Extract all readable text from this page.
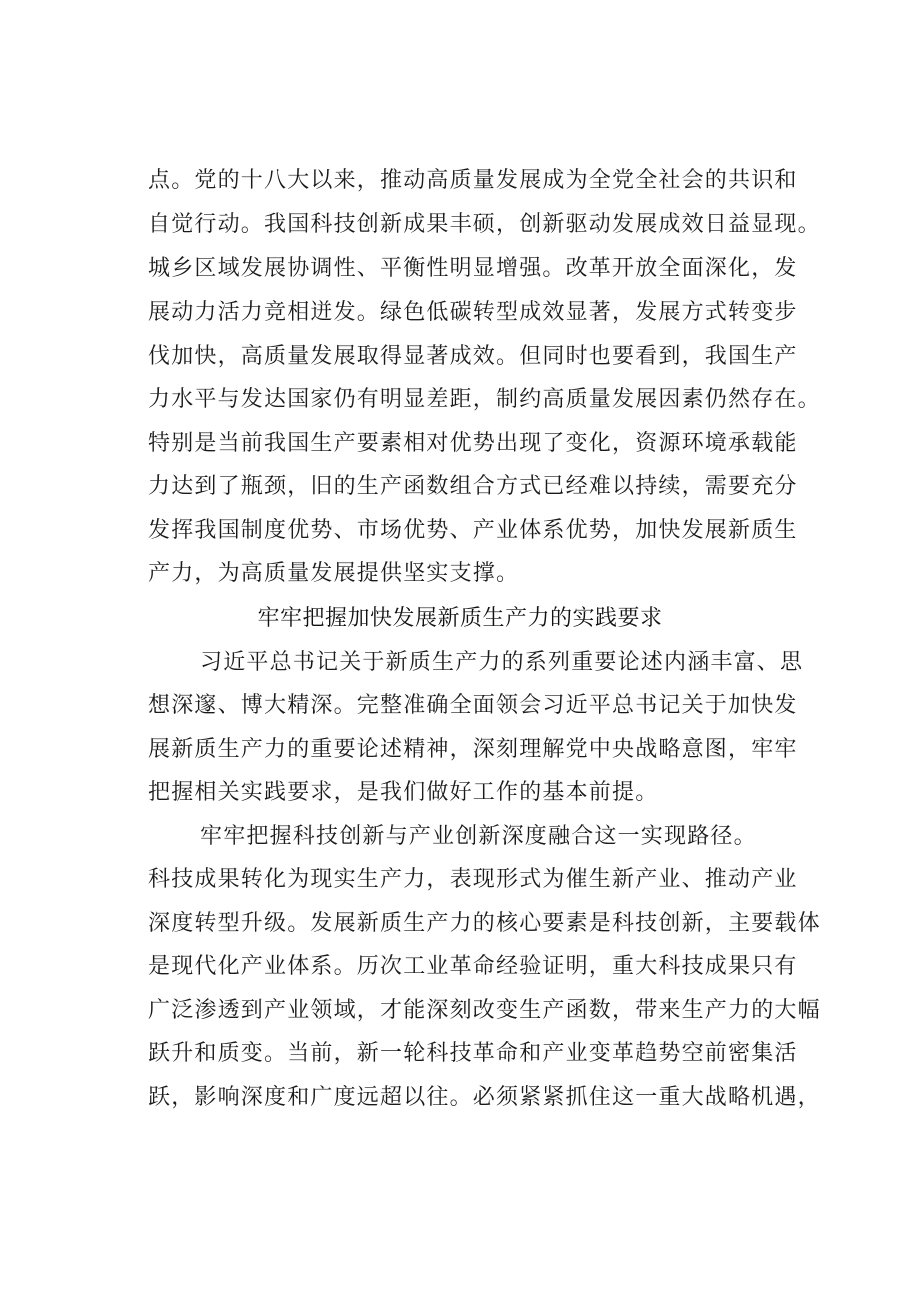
点。党的十八大以来，推动高质量发展成为全党全社会的共识和
自觉行动。我国科技创新成果丰硕，创新驱动发展成效日益显现。
城乡区域发展协调性、平衡性明显增强。改革开放全面深化，发
展动力活力竞相迸发。绿色低碳转型成效显著，发展方式转变步
伐加快，高质量发展取得显著成效。但同时也要看到，我国生产
力水平与发达国家仍有明显差距，制约高质量发展因素仍然存在。
特别是当前我国生产要素相对优势出现了变化，资源环境承载能
力达到了瓶颈，旧的生产函数组合方式已经难以持续，需要充分
发挥我国制度优势、市场优势、产业体系优势，加快发展新质生
产力，为高质量发展提供坚实支撑。
牢牢把握加快发展新质生产力的实践要求
习近平总书记关于新质生产力的系列重要论述内涵丰富、思
想深邃、博大精深。完整准确全面领会习近平总书记关于加快发
展新质生产力的重要论述精神，深刻理解党中央战略意图，牢牢
把握相关实践要求，是我们做好工作的基本前提。
牢牢把握科技创新与产业创新深度融合这一实现路径。
科技成果转化为现实生产力，表现形式为催生新产业、推动产业
深度转型升级。发展新质生产力的核心要素是科技创新，主要载体
是现代化产业体系。历次工业革命经验证明，重大科技成果只有
广泛渗透到产业领域，才能深刻改变生产函数，带来生产力的大幅
跃升和质变。当前，新一轮科技革命和产业变革趋势空前密集活
跃，影响深度和广度远超以往。必须紧紧抓住这一重大战略机遇，
